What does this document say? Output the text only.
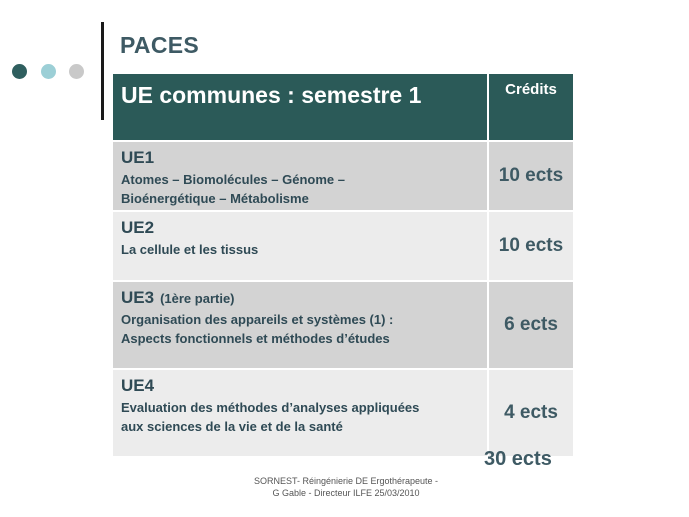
PACES
UE communes : semestre 1	Crédits
UE1
Atomes – Biomolécules – Génome –
Bioénergétique – Métabolisme	10 ects
UE2
La cellule et les tissus	10 ects
UE3 (1ère partie)
Organisation des appareils et systèmes (1) :
Aspects fonctionnels et méthodes d’études	6 ects
UE4
Evaluation des méthodes d’analyses appliquées
aux sciences de la vie et de la santé	4 ects
30 ects
SORNEST- Réingénierie DE Ergothérapeute -
G Gable - Directeur ILFE 25/03/2010
